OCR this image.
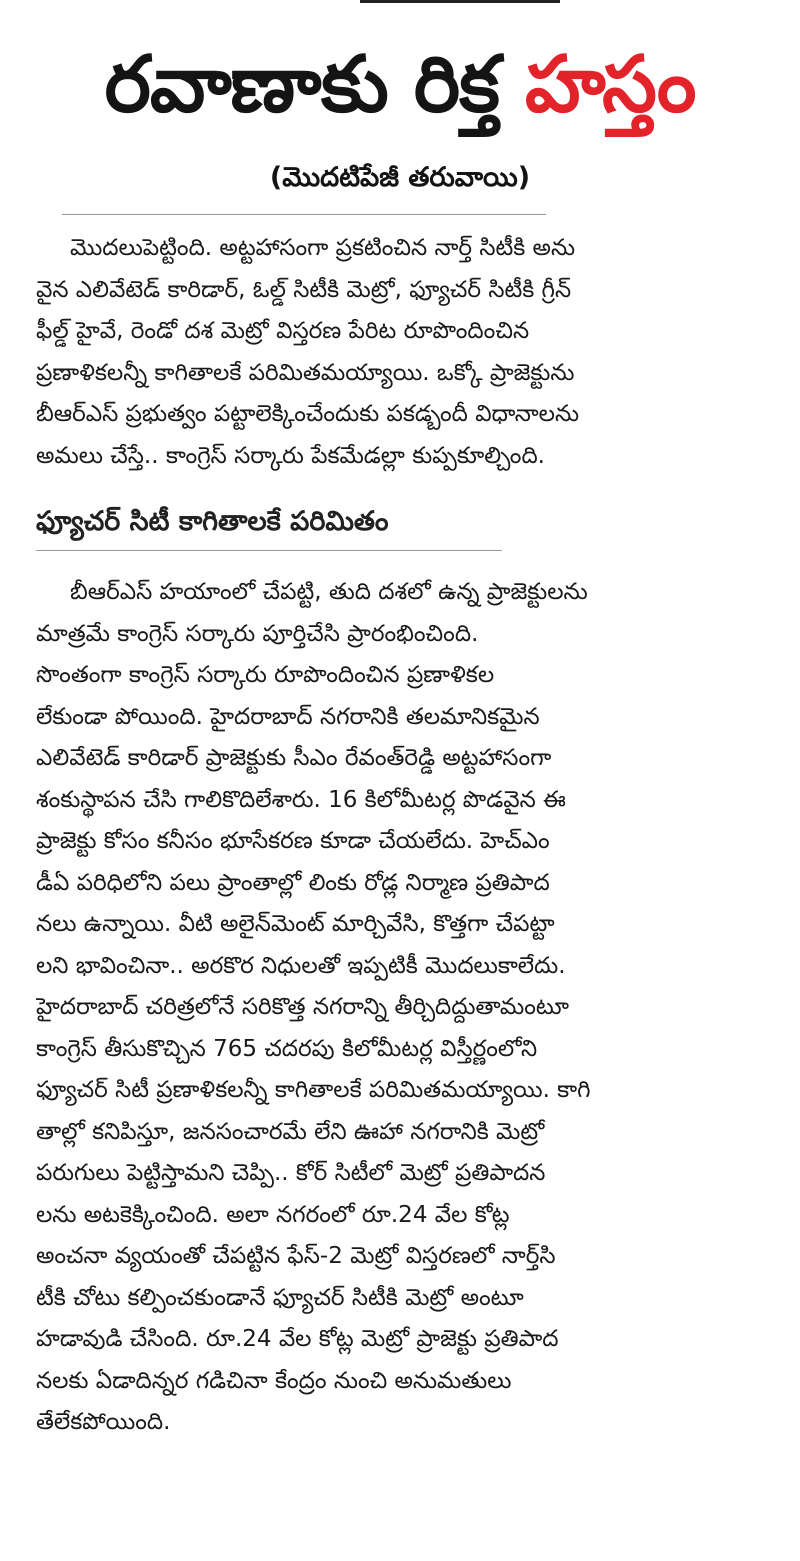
రవాణాకు రిక్త హస్తం
(మొదటిపేజీ తరువాయి)
మొదలుపెట్టింది. అట్టహాసంగా ప్రకటించిన నార్త్ సిటీకి అను
వైన ఎలివేటెడ్ కారిడార్, ఓల్డ్ సిటీకి మెట్రో, ఫ్యూచర్ సిటీకి గ్రీన్
ఫీల్డ్ హైవే, రెండో దశ మెట్రో విస్తరణ పేరిట రూపొందించిన
ప్రణాళికలన్నీ కాగితాలకే పరిమితమయ్యాయి. ఒక్కో ప్రాజెక్టును
బీఆర్ఎస్ ప్రభుత్వం పట్టాలెక్కించేందుకు పకడ్బందీ విధానాలను
అమలు చేస్తే.. కాంగ్రెస్ సర్కారు పేకమేడల్లా కుప్పకూల్చింది.
ఫ్యూచర్ సిటీ కాగితాలకే పరిమితం
బీఆర్ఎస్ హయాంలో చేపట్టి, తుది దశలో ఉన్న ప్రాజెక్టులను
మాత్రమే కాంగ్రెస్ సర్కారు పూర్తిచేసి ప్రారంభించింది.
సొంతంగా కాంగ్రెస్ సర్కారు రూపొందించిన ప్రణాళికల
లేకుండా పోయింది. హైదరాబాద్ నగరానికి తలమానికమైన
ఎలివేటెడ్ కారిడార్ ప్రాజెక్టుకు సీఎం రేవంత్‌రెడ్డి అట్టహాసంగా
శంకుస్థాపన చేసి గాలికొదిలేశారు. 16 కిలోమీటర్ల పొడవైన ఈ
ప్రాజెక్టు కోసం కనీసం భూసేకరణ కూడా చేయలేదు. హెచ్ఎం
డీఏ పరిధిలోని పలు ప్రాంతాల్లో లింకు రోడ్ల నిర్మాణ ప్రతిపాద
నలు ఉన్నాయి. వీటి అలైన్‌మెంట్ మార్చివేసి, కొత్తగా చేపట్టా
లని భావించినా.. అరకొర నిధులతో ఇప్పటికీ మొదలుకాలేదు.
హైదరాబాద్ చరిత్రలోనే సరికొత్త నగరాన్ని తీర్చిదిద్దుతామంటూ
కాంగ్రెస్ తీసుకొచ్చిన 765 చదరపు కిలోమీటర్ల విస్తీర్ణంలోని
ఫ్యూచర్ సిటీ ప్రణాళికలన్నీ కాగితాలకే పరిమితమయ్యాయి. కాగి
తాల్లో కనిపిస్తూ, జనసంచారమే లేని ఊహా నగరానికి మెట్రో
పరుగులు పెట్టిస్తామని చెప్పి.. కోర్ సిటీలో మెట్రో ప్రతిపాదన
లను అటకెక్కించింది. అలా నగరంలో రూ.24 వేల కోట్ల
అంచనా వ్యయంతో చేపట్టిన ఫేస్-2 మెట్రో విస్తరణలో నార్త్‌సి
టీకి చోటు కల్పించకుండానే ఫ్యూచర్ సిటీకి మెట్రో అంటూ
హడావుడి చేసింది. రూ.24 వేల కోట్ల మెట్రో ప్రాజెక్టు ప్రతిపాద
నలకు ఏడాదిన్నర గడిచినా కేంద్రం నుంచి అనుమతులు
తేలేకపోయింది.
